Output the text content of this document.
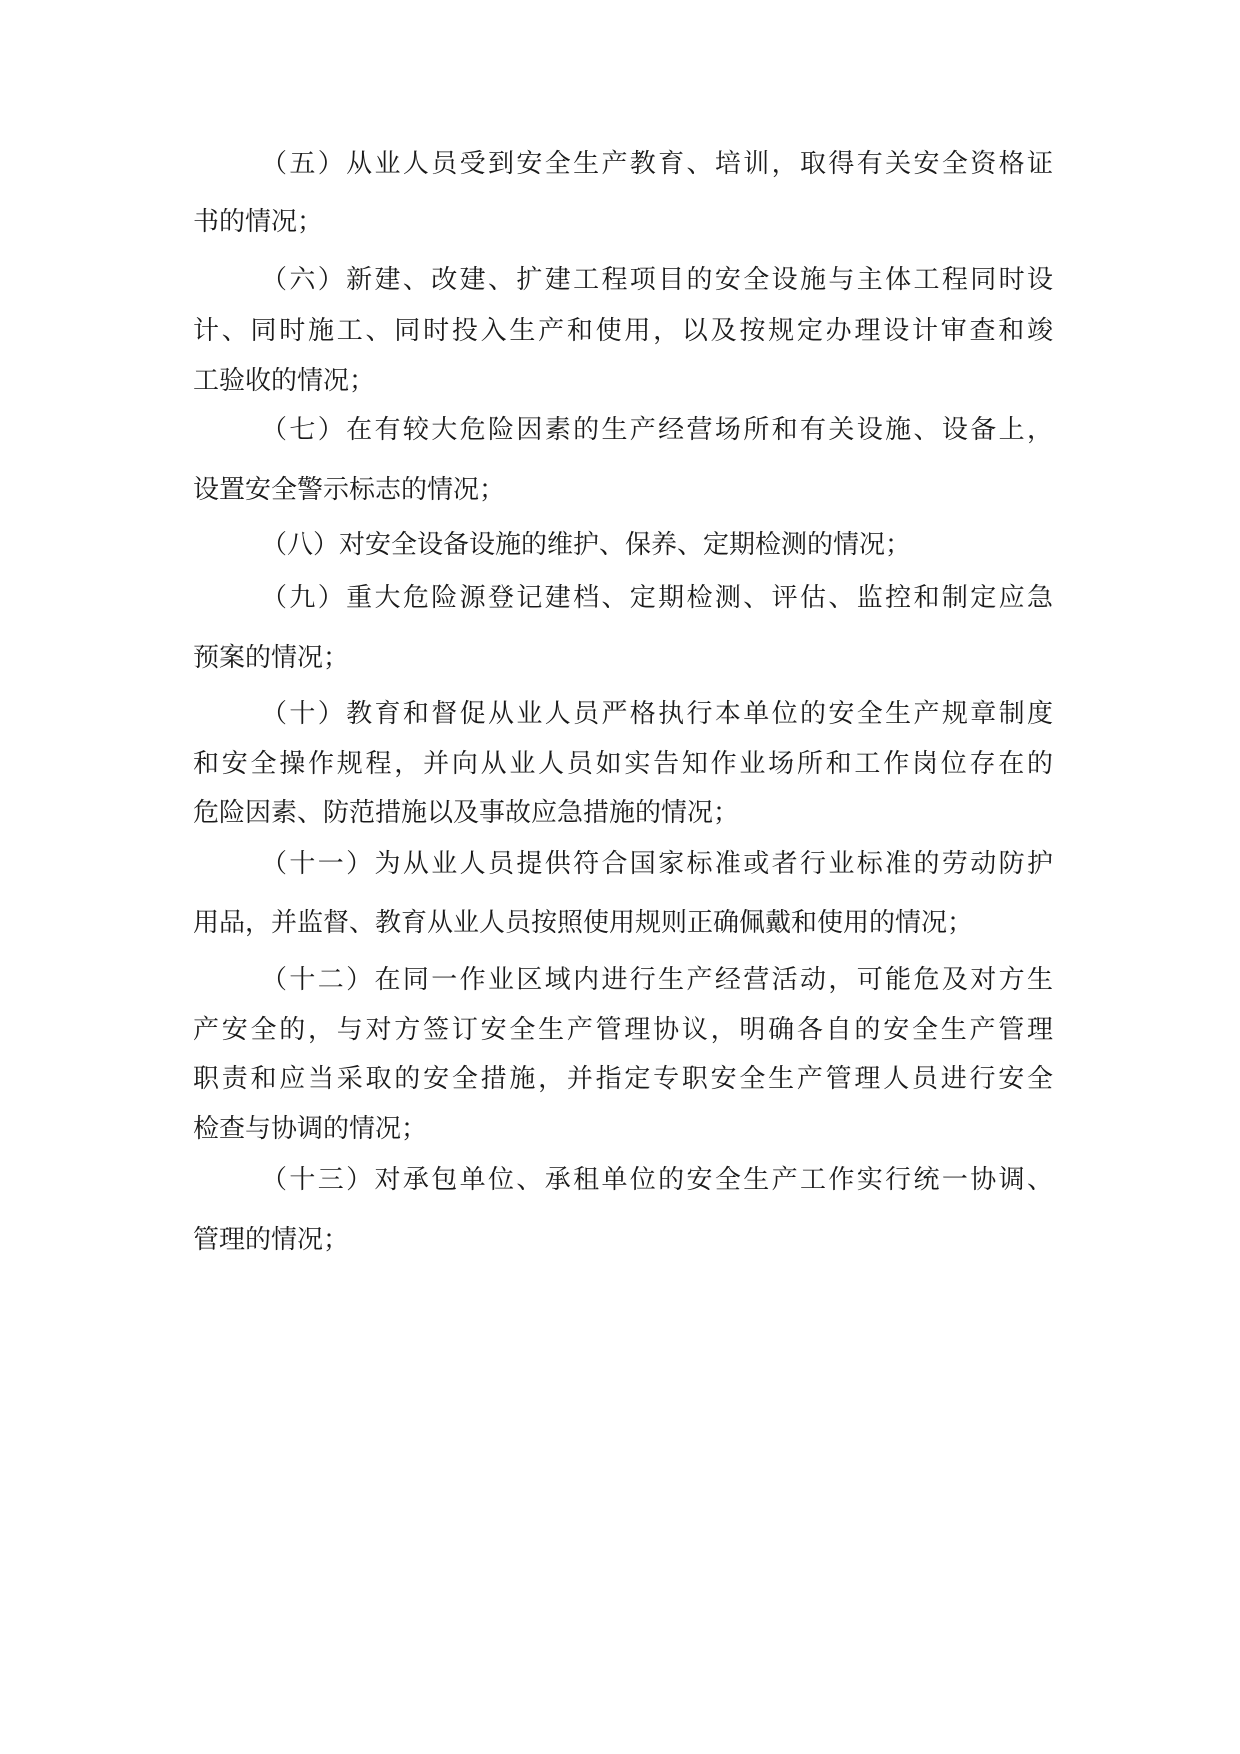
（五）从业人员受到安全生产教育、培训，取得有关安全资格证
书的情况；
（六）新建、改建、扩建工程项目的安全设施与主体工程同时设
计、同时施工、同时投入生产和使用，以及按规定办理设计审查和竣
工验收的情况；
（七）在有较大危险因素的生产经营场所和有关设施、设备上，
设置安全警示标志的情况；
（八）对安全设备设施的维护、保养、定期检测的情况；
（九）重大危险源登记建档、定期检测、评估、监控和制定应急
预案的情况；
（十）教育和督促从业人员严格执行本单位的安全生产规章制度
和安全操作规程，并向从业人员如实告知作业场所和工作岗位存在的
危险因素、防范措施以及事故应急措施的情况；
（十一）为从业人员提供符合国家标准或者行业标准的劳动防护
用品，并监督、教育从业人员按照使用规则正确佩戴和使用的情况；
（十二）在同一作业区域内进行生产经营活动，可能危及对方生
产安全的，与对方签订安全生产管理协议，明确各自的安全生产管理
职责和应当采取的安全措施，并指定专职安全生产管理人员进行安全
检查与协调的情况；
（十三）对承包单位、承租单位的安全生产工作实行统一协调、
管理的情况；
